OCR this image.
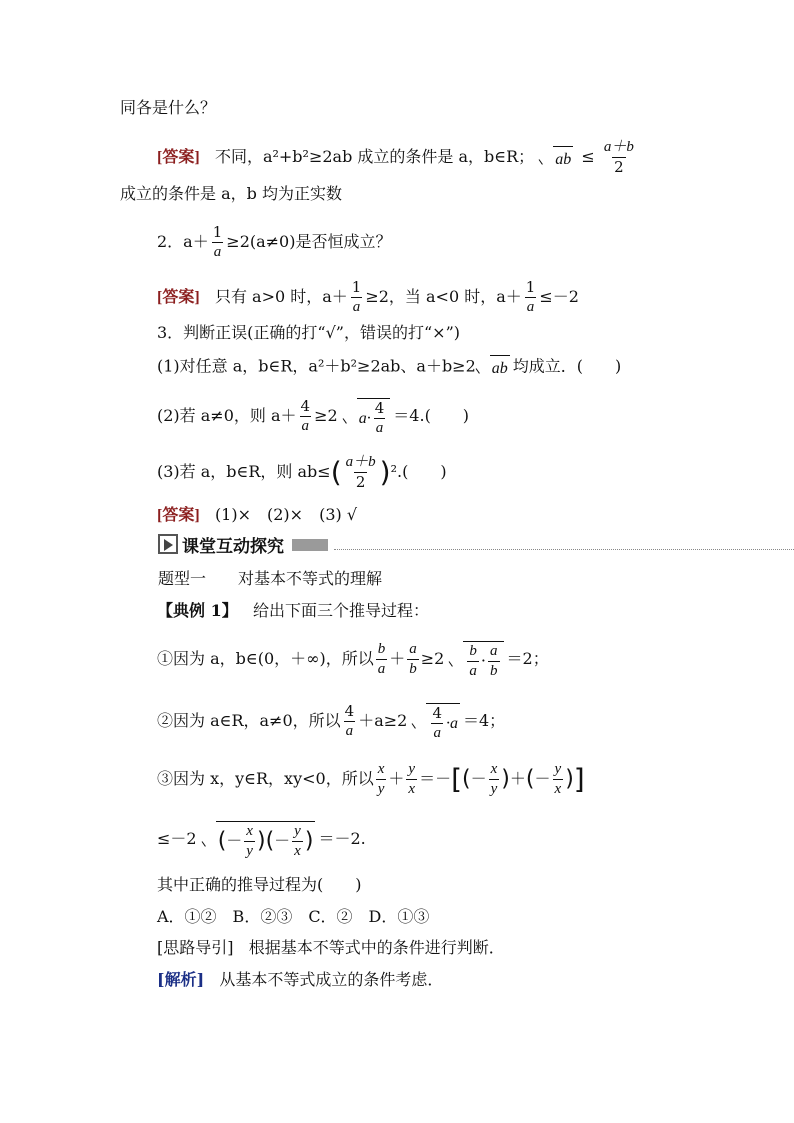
同各是什么？
[答案] 不同，a²+b²≥2ab 成立的条件是 a，b∈R； ab ≤ $\frac{a+b}{2}$
成立的条件是 a，b 均为正实数
2．$a+ \frac{1}{a} \ge 2(a\ne 0)$是否恒成立？
[答案] 只有 a>0 时，$a+ \frac{1}{a} \ge 2$，当 a<0 时，$a+ \frac{1}{a} \le-2$
3．判断正误(正确的打“√”，错误的打“×”)
(1)对任意 a，b∈R，a²＋b²≥2ab、a＋b≥2 ab 均成立．(　　)
(2)若 a≠0，则 $a+ \frac{4}{a} \ge 2$ $a\cdot \frac{4}{a} =4$.(　　)
(3)若 a，b∈R，则 $ab\le( \frac{a+b}{2} )^2$.(　　)
[答案] (1)×　(2)×　(3) √
课堂互动探究
题型一　　对基本不等式的理解
【典例 1】 给出下面三个推导过程：
①因为 a，b∈(0，＋∞)，所以 $\frac{b}{a} + \frac{a}{b} \ge 2 \frac{b}{a} \cdot \frac{a}{b} =2$；
②因为 a∈R，a≠0，所以 $\frac{4}{a} +a\ge 2 \frac{4}{a} \cdot a =4$；
③因为 x，y∈R，xy<0，所以 $\frac{x}{y} + \frac{y}{x}$ ＝－[(－ $\frac{x}{y}$ )＋(－ $\frac{y}{x}$ )]
≤－2 (－ $\frac{x}{y}$ )(－ $\frac{y}{x}$ ) ＝－2.
其中正确的推导过程为(　　)
A．①②　B．②③　C．②　D．①③
[思路导引] 根据基本不等式中的条件进行判断．
[解析] 从基本不等式成立的条件考虑．
